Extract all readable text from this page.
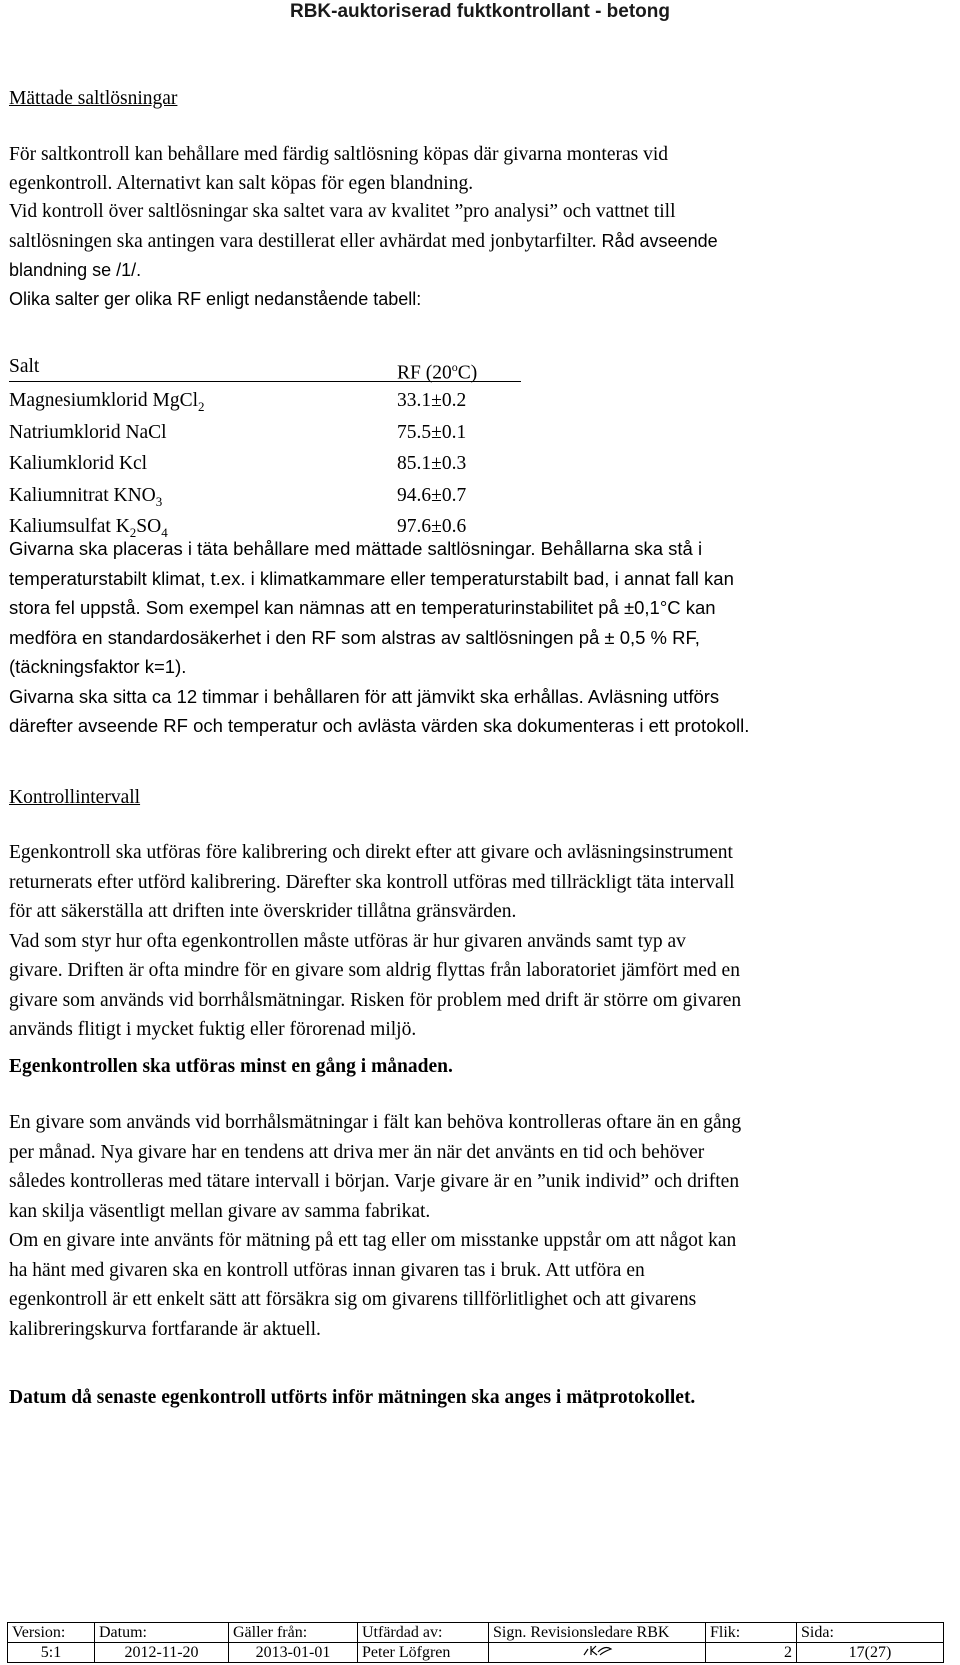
RBK-auktoriserad fuktkontrollant - betong

Mättade saltlösningar

För saltkontroll kan behållare med färdig saltlösning köpas där givarna monteras vid

egenkontroll. Alternativt kan salt köpas för egen blandning.

Vid kontroll över saltlösningar ska saltet vara av kvalitet ”pro analysi” och vattnet till

saltlösningen ska antingen vara destillerat eller avhärdat med jonbytarfilter. Råd avseende

blandning se /1/.

Olika salter ger olika RF enligt nedanstående tabell:

Salt	RF (20$^o$C)
Magnesiumklorid MgCl$_2$	33.1±0.2
Natriumklorid NaCl	75.5±0.1
Kaliumklorid Kcl	85.1±0.3
Kaliumnitrat $KNO_3$	94.6±0.7
Kaliumsulfat $K_2SO_4$	97.6±0.6

Givarna ska placeras i täta behållare med mättade saltlösningar. Behållarna ska stå i

temperaturstabilt klimat, t.ex. i klimatkammare eller temperaturstabilt bad, i annat fall kan

stora fel uppstå. Som exempel kan nämnas att en temperaturinstabilitet på ±0,1°C kan

medföra en standardosäkerhet i den RF som alstras av saltlösningen på ± 0,5 % RF,

(täckningsfaktor k=1).

Givarna ska sitta ca 12 timmar i behållaren för att jämvikt ska erhållas. Avläsning utförs

därefter avseende RF och temperatur och avlästa värden ska dokumenteras i ett protokoll.

Kontrollintervall

Egenkontroll ska utföras före kalibrering och direkt efter att givare och avläsningsinstrument

returnerats efter utförd kalibrering. Därefter ska kontroll utföras med tillräckligt täta intervall

för att säkerställa att driften inte överskrider tillåtna gränsvärden.

Vad som styr hur ofta egenkontrollen måste utföras är hur givaren används samt typ av

givare. Driften är ofta mindre för en givare som aldrig flyttas från laboratoriet jämfört med en

givare som används vid borrhålsmätningar. Risken för problem med drift är större om givaren

används flitigt i mycket fuktig eller förorenad miljö.

Egenkontrollen ska utföras minst en gång i månaden.

En givare som används vid borrhålsmätningar i fält kan behöva kontrolleras oftare än en gång

per månad. Nya givare har en tendens att driva mer än när det använts en tid och behöver

således kontrolleras med tätare intervall i början. Varje givare är en ”unik individ” och driften

kan skilja väsentligt mellan givare av samma fabrikat.

Om en givare inte använts för mätning på ett tag eller om misstanke uppstår om att något kan

ha hänt med givaren ska en kontroll utföras innan givaren tas i bruk. Att utföra en

egenkontroll är ett enkelt sätt att försäkra sig om givarens tillförlitlighet och att givarens

kalibreringskurva fortfarande är aktuell.

Datum då senaste egenkontroll utförts inför mätningen ska anges i mätprotokollet.
Version:	Datum:	Gäller från:	Utfärdad av:	Sign. Revisionsledare RBK	Flik:	Sida:
5:1	2012-11-20	2013-01-01	Peter Löfgren		2	17(27)
